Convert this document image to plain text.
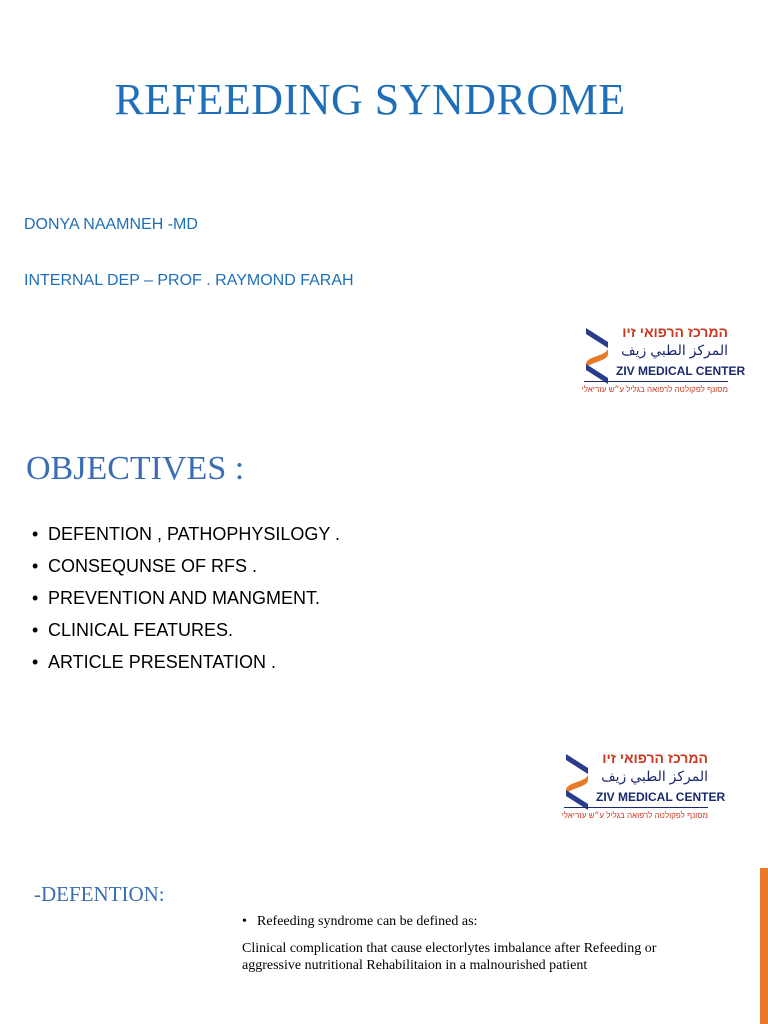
REFEEDING SYNDROME
DONYA NAAMNEH -MD
INTERNAL DEP – PROF . RAYMOND FARAH
המרכז הרפואי זיו
المركز الطبي زيف
ZIV MEDICAL CENTER
מסונף לפקולטה לרפואה בגליל ע״ש עזריאלי
OBJECTIVES :
• DEFENTION , PATHOPHYSILOGY .
• CONSEQUNSE OF RFS .
• PREVENTION AND MANGMENT.
• CLINICAL FEATURES.
• ARTICLE PRESENTATION .
המרכז הרפואי זיו
المركز الطبي زيف
ZIV MEDICAL CENTER
מסונף לפקולטה לרפואה בגליל ע״ש עזריאלי
-DEFENTION:
• Refeeding syndrome can be defined as:
Clinical complication that cause electorlytes imbalance after Refeeding or aggressive nutritional Rehabilitaion in a malnourished patient
